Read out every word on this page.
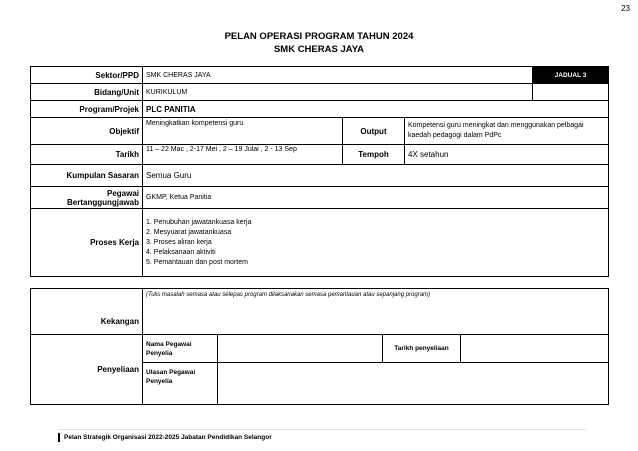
23
PELAN OPERASI PROGRAM TAHUN 2024
SMK CHERAS JAYA
Sektor/PPD	SMK CHERAS JAYA			JADUAL 3
Bidang/Unit	KURIKULUM			
Program/Projek	PLC PANITIA			
Objektif	Meningkatkan kompetensi guru	Output	Kompetensi guru meningkat dan menggunakan pelbagai kaedah pedagogi dalam PdPc	
Tarikh	11 – 22 Mac , 2-17 Mei , 2 – 19 Julai , 2 - 13 Sep	Tempoh	4X setahun	
Kumpulan Sasaran	Semua Guru			
Pegawai Bertanggungjawab	GKMP, Ketua Panitia			
Proses Kerja	1. Penubuhan jawatankuasa kerja
2. Mesyuarat jawatankuasa
3. Proses aliran kerja
4. Pelaksanaan aktiviti
5. Pemantauan dan post mortem			
Kekangan	(Tulis masalah semasa atau selepas program dilaksanakan semasa pemantauan atau sepanjang program)			
Penyeliaan	Nama Pegawai Penyelia		Tarikh penyeliaan	
	Ulasan Pegawai Penyelia			
Pelan Strategik Organisasi 2022-2025 Jabatan Pendidikan Selangor
